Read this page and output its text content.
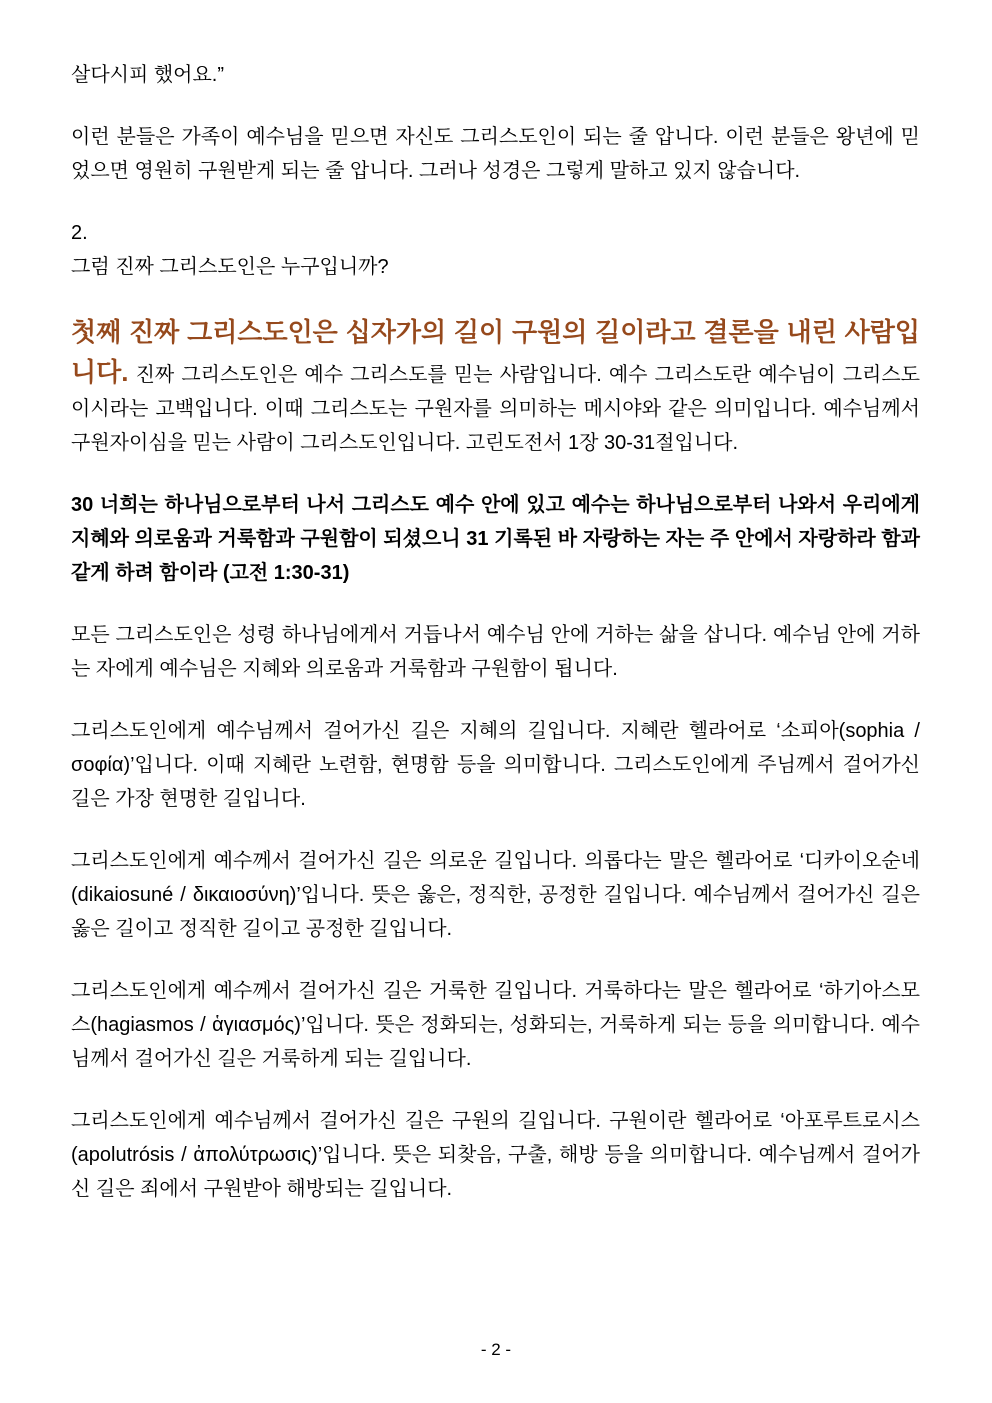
살다시피 했어요.”

이런 분들은 가족이 예수님을 믿으면 자신도 그리스도인이 되는 줄 압니다. 이런 분들은 왕년에 믿었으면 영원히 구원받게 되는 줄 압니다. 그러나 성경은 그렇게 말하고 있지 않습니다.

2.
그럼 진짜 그리스도인은 누구입니까?

첫째 진짜 그리스도인은 십자가의 길이 구원의 길이라고 결론을 내린 사람입니다. 진짜 그리스도인은 예수 그리스도를 믿는 사람입니다. 예수 그리스도란 예수님이 그리스도이시라는 고백입니다. 이때 그리스도는 구원자를 의미하는 메시야와 같은 의미입니다. 예수님께서 구원자이심을 믿는 사람이 그리스도인입니다. 고린도전서 1장 30-31절입니다.

30 너희는 하나님으로부터 나서 그리스도 예수 안에 있고 예수는 하나님으로부터 나와서 우리에게 지혜와 의로움과 거룩함과 구원함이 되셨으니 31 기록된 바 자랑하는 자는 주 안에서 자랑하라 함과 같게 하려 함이라 (고전 1:30-31)

모든 그리스도인은 성령 하나님에게서 거듭나서 예수님 안에 거하는 삶을 삽니다. 예수님 안에 거하는 자에게 예수님은 지혜와 의로움과 거룩함과 구원함이 됩니다.

그리스도인에게 예수님께서 걸어가신 길은 지혜의 길입니다. 지혜란 헬라어로 ‘소피아(sophia / σοφία)’입니다. 이때 지혜란 노련함, 현명함 등을 의미합니다. 그리스도인에게 주님께서 걸어가신 길은 가장 현명한 길입니다.

그리스도인에게 예수께서 걸어가신 길은 의로운 길입니다. 의롭다는 말은 헬라어로 ‘디카이오순네 (dikaiosuné / δικαιοσύνη)’입니다. 뜻은 옳은, 정직한, 공정한 길입니다. 예수님께서 걸어가신 길은 옳은 길이고 정직한 길이고 공정한 길입니다.

그리스도인에게 예수께서 걸어가신 길은 거룩한 길입니다. 거룩하다는 말은 헬라어로 ‘하기아스모스(hagiasmos / ἁγιασμός)’입니다. 뜻은 정화되는, 성화되는, 거룩하게 되는 등을 의미합니다. 예수님께서 걸어가신 길은 거룩하게 되는 길입니다.

그리스도인에게 예수님께서 걸어가신 길은 구원의 길입니다. 구원이란 헬라어로 ‘아포루트로시스(apolutrósis / ἀπολύτρωσις)’입니다. 뜻은 되찾음, 구출, 해방 등을 의미합니다. 예수님께서 걸어가신 길은 죄에서 구원받아 해방되는 길입니다.

- 2 -
